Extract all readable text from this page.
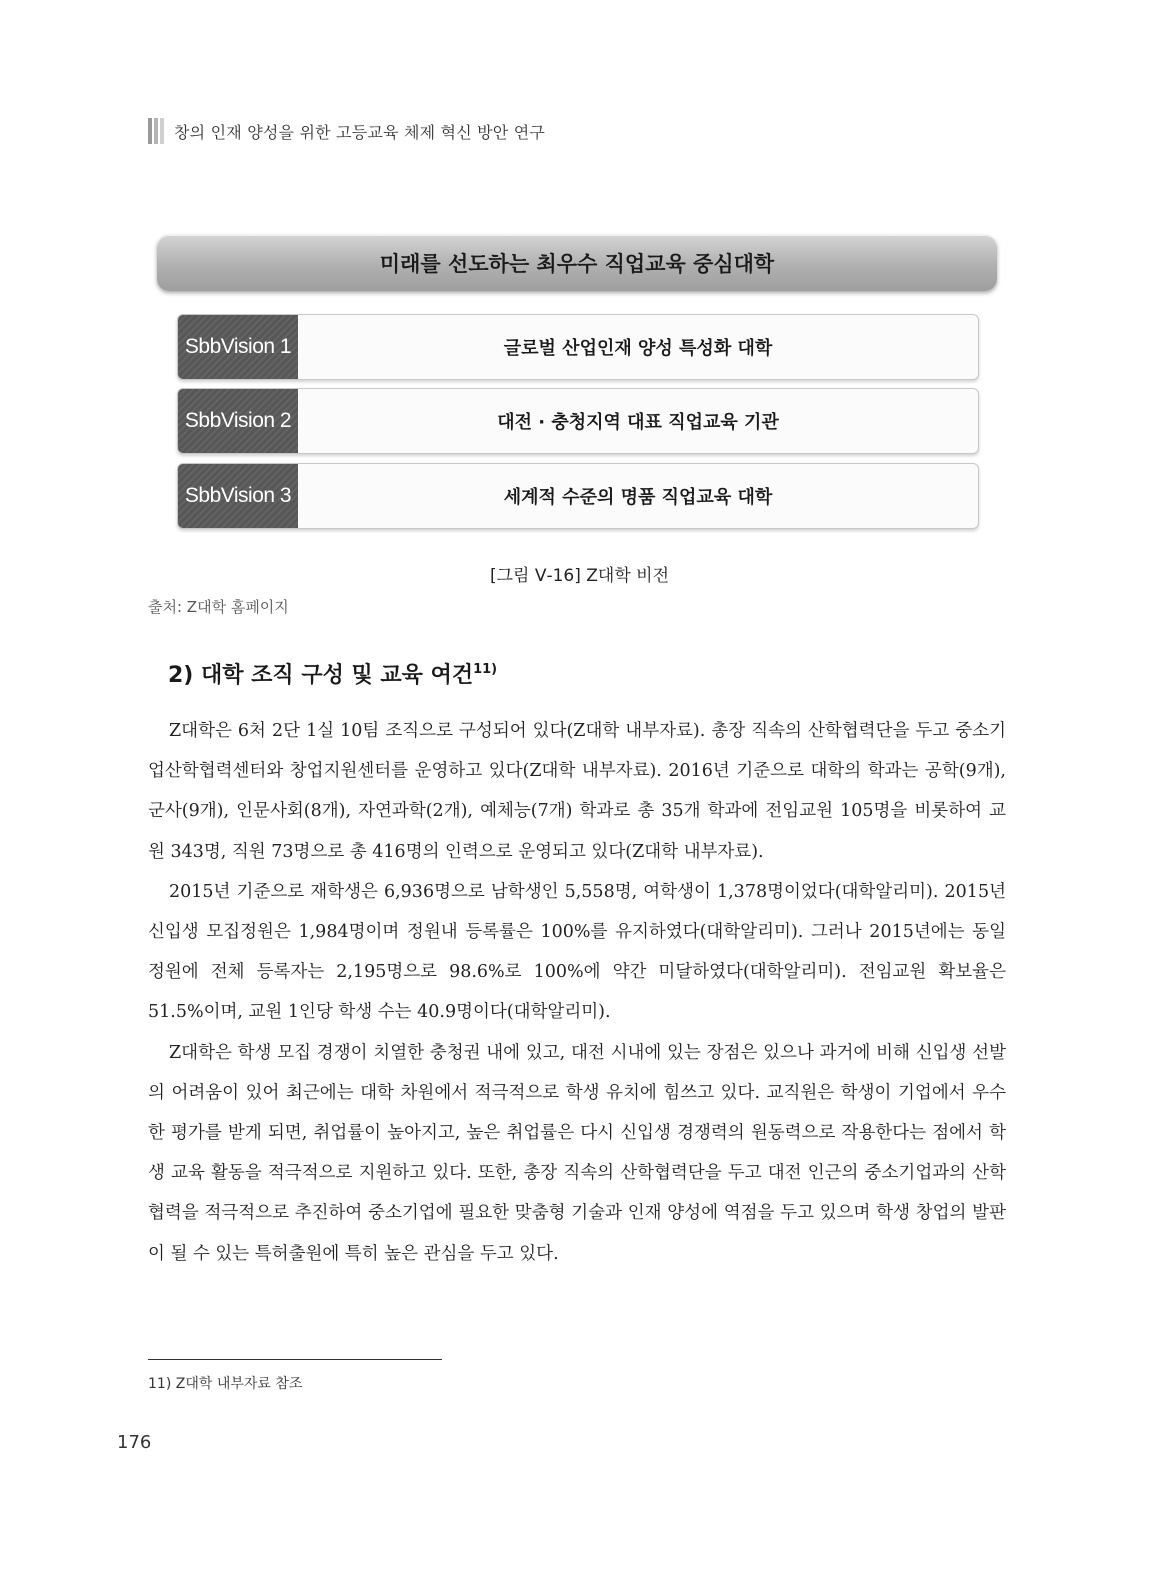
창의 인재 양성을 위한 고등교육 체제 혁신 방안 연구
미래를 선도하는 최우수 직업교육 중심대학
SbbVision 1	글로벌 산업인재 양성 특성화 대학
SbbVision 2	대전 · 충청지역 대표 직업교육 기관
SbbVision 3	세계적 수준의 명품 직업교육 대학
[그림 Ⅴ-16] Z대학 비전
출처: Z대학 홈페이지
2) 대학 조직 구성 및 교육 여건$^{11)}$

Z대학은 6처 2단 1실 10팀 조직으로 구성되어 있다(Z대학 내부자료). 총장 직속의 산학협력단을 두고 중소기업산학협력센터와 창업지원센터를 운영하고 있다(Z대학 내부자료). 2016년 기준으로 대학의 학과는 공학(9개), 군사(9개), 인문사회(8개), 자연과학(2개), 예체능(7개) 학과로 총 35개 학과에 전임교원 105명을 비롯하여 교원 343명, 직원 73명으로 총 416명의 인력으로 운영되고 있다(Z대학 내부자료).

2015년 기준으로 재학생은 6,936명으로 남학생인 5,558명, 여학생이 1,378명이었다(대학알리미). 2015년 신입생 모집정원은 1,984명이며 정원내 등록률은 100%를 유지하였다(대학알리미). 그러나 2015년에는 동일 정원에 전체 등록자는 2,195명으로 98.6%로 100%에 약간 미달하였다(대학알리미). 전임교원 확보율은 51.5%이며, 교원 1인당 학생 수는 40.9명이다(대학알리미).

Z대학은 학생 모집 경쟁이 치열한 충청권 내에 있고, 대전 시내에 있는 장점은 있으나 과거에 비해 신입생 선발의 어려움이 있어 최근에는 대학 차원에서 적극적으로 학생 유치에 힘쓰고 있다. 교직원은 학생이 기업에서 우수한 평가를 받게 되면, 취업률이 높아지고, 높은 취업률은 다시 신입생 경쟁력의 원동력으로 작용한다는 점에서 학생 교육 활동을 적극적으로 지원하고 있다. 또한, 총장 직속의 산학협력단을 두고 대전 인근의 중소기업과의 산학협력을 적극적으로 추진하여 중소기업에 필요한 맞춤형 기술과 인재 양성에 역점을 두고 있으며 학생 창업의 발판이 될 수 있는 특허출원에 특히 높은 관심을 두고 있다.

11) Z대학 내부자료 참조
176
